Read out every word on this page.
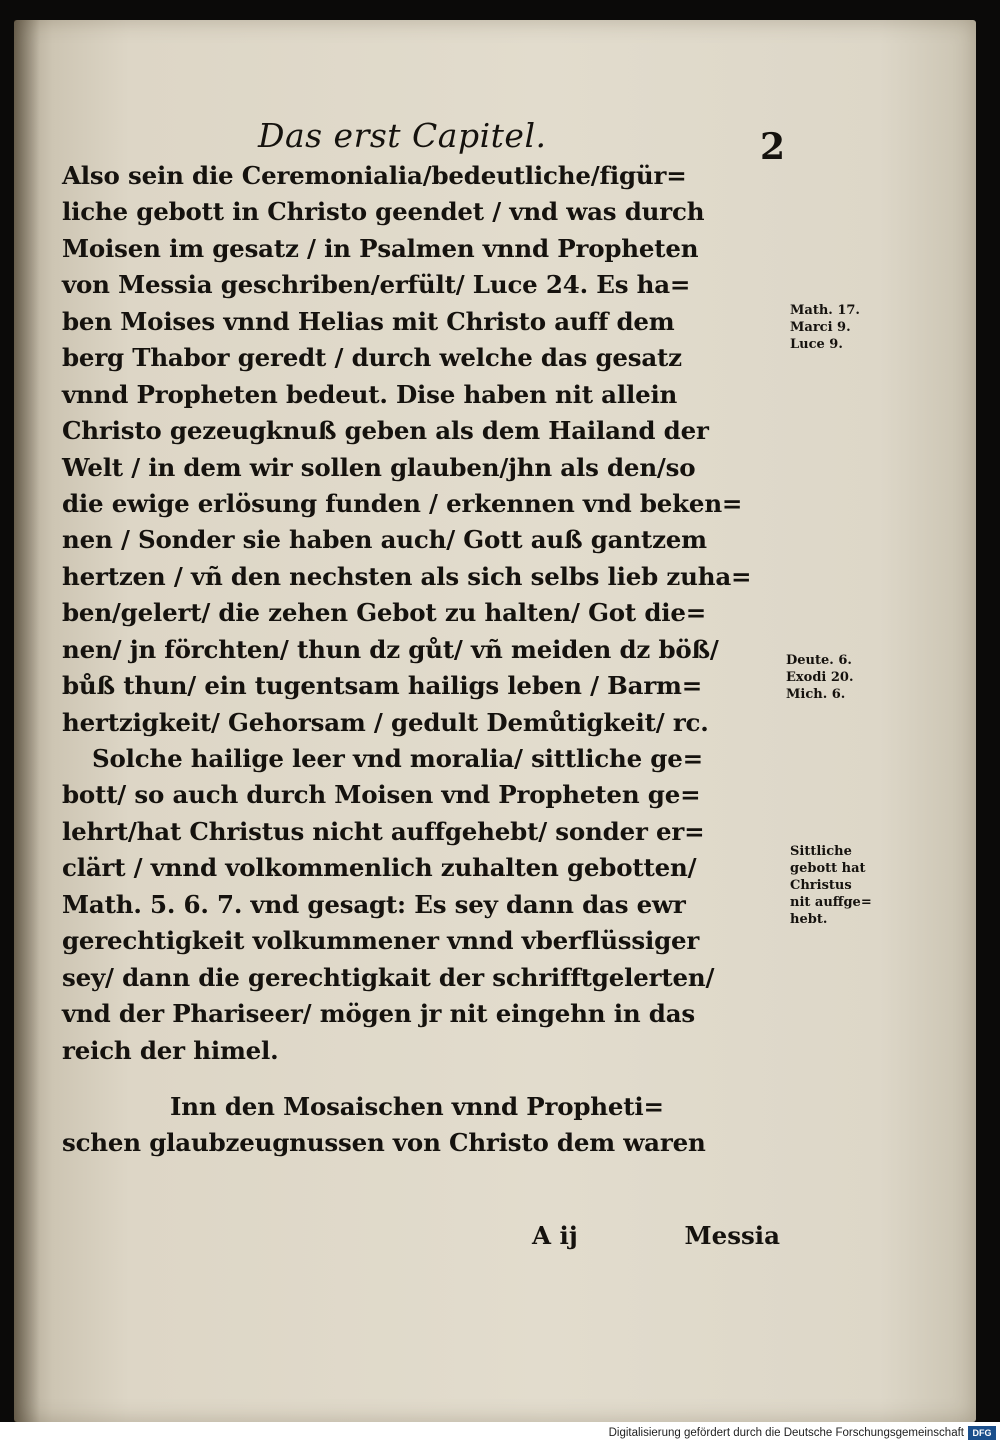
Das erst Capitel.	2
Also sein die Ceremonialia/bedeutliche/figür=
liche gebott in Christo geendet / vnd was durch
Moisen im gesatz / in Psalmen vnnd Propheten
von Messia geschriben/erfült/ Luce 24. Es ha=
ben Moises vnnd Helias mit Christo auff dem
berg Thabor geredt / durch welche das gesatz
vnnd Propheten bedeut. Dise haben nit allein
Christo gezeugknuß geben als dem Hailand der
Welt / in dem wir sollen glauben/jhn als den/so
die ewige erlösung funden / erkennen vnd beken=
nen / Sonder sie haben auch/ Gott auß gantzem
hertzen / vñ den nechsten als sich selbs lieb zuha=
ben/gelert/ die zehen Gebot zu halten/ Got die=
nen/ jn förchten/ thun dz gůt/ vñ meiden dz böß/
bůß thun/ ein tugentsam hailigs leben / Barm=
hertzigkeit/ Gehorsam / gedult Demůtigkeit/ rc.
Solche hailige leer vnd moralia/ sittliche ge=
bott/ so auch durch Moisen vnd Propheten ge=
lehrt/hat Christus nicht auffgehebt/ sonder er=
clärt / vnnd volkommenlich zuhalten gebotten/
Math. 5. 6. 7. vnd gesagt: Es sey dann das ewr
gerechtigkeit volkummener vnnd vberflüssiger
sey/ dann die gerechtigkait der schrifftgelerten/
vnd der Phariseer/ mögen jr nit eingehn in das
reich der himel.
Inn den Mosaischen vnnd Propheti=
schen glaubzeugnussen von Christo dem waren
A ij	Messia
Math. 17.
Marci 9.
Luce 9.
Deute. 6.
Exodi 20.
Mich. 6.
Sittliche
gebott hat
Christus
nit auffge=
hebt.
Digitalisierung gefördert durch die Deutsche Forschungsgemeinschaft DFG
